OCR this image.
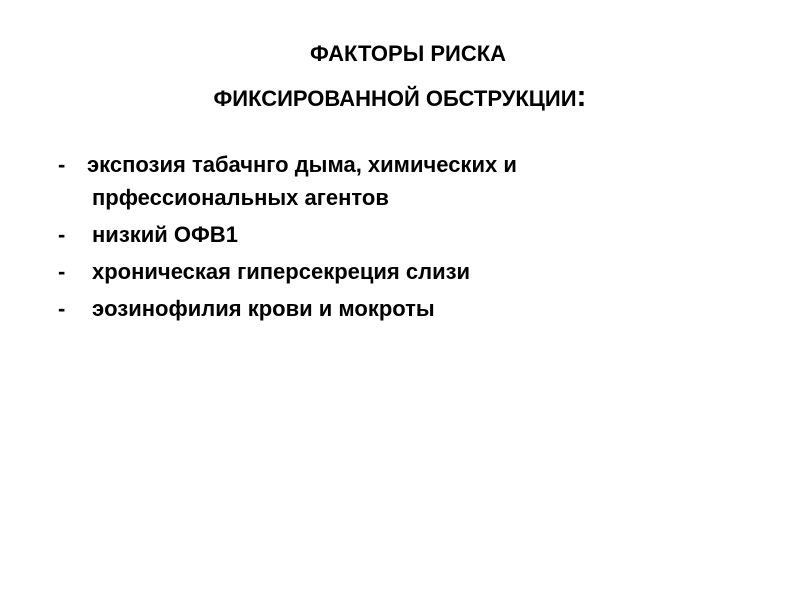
ФАКТОРЫ РИСКА
ФИКСИРОВАННОЙ ОБСТРУКЦИИ:
- экспозия табачнго дыма, химических и
прфессиональных агентов
-	низкий ОФВ1
-	хроническая гиперсекреция слизи
-	эозинофилия крови и мокроты
